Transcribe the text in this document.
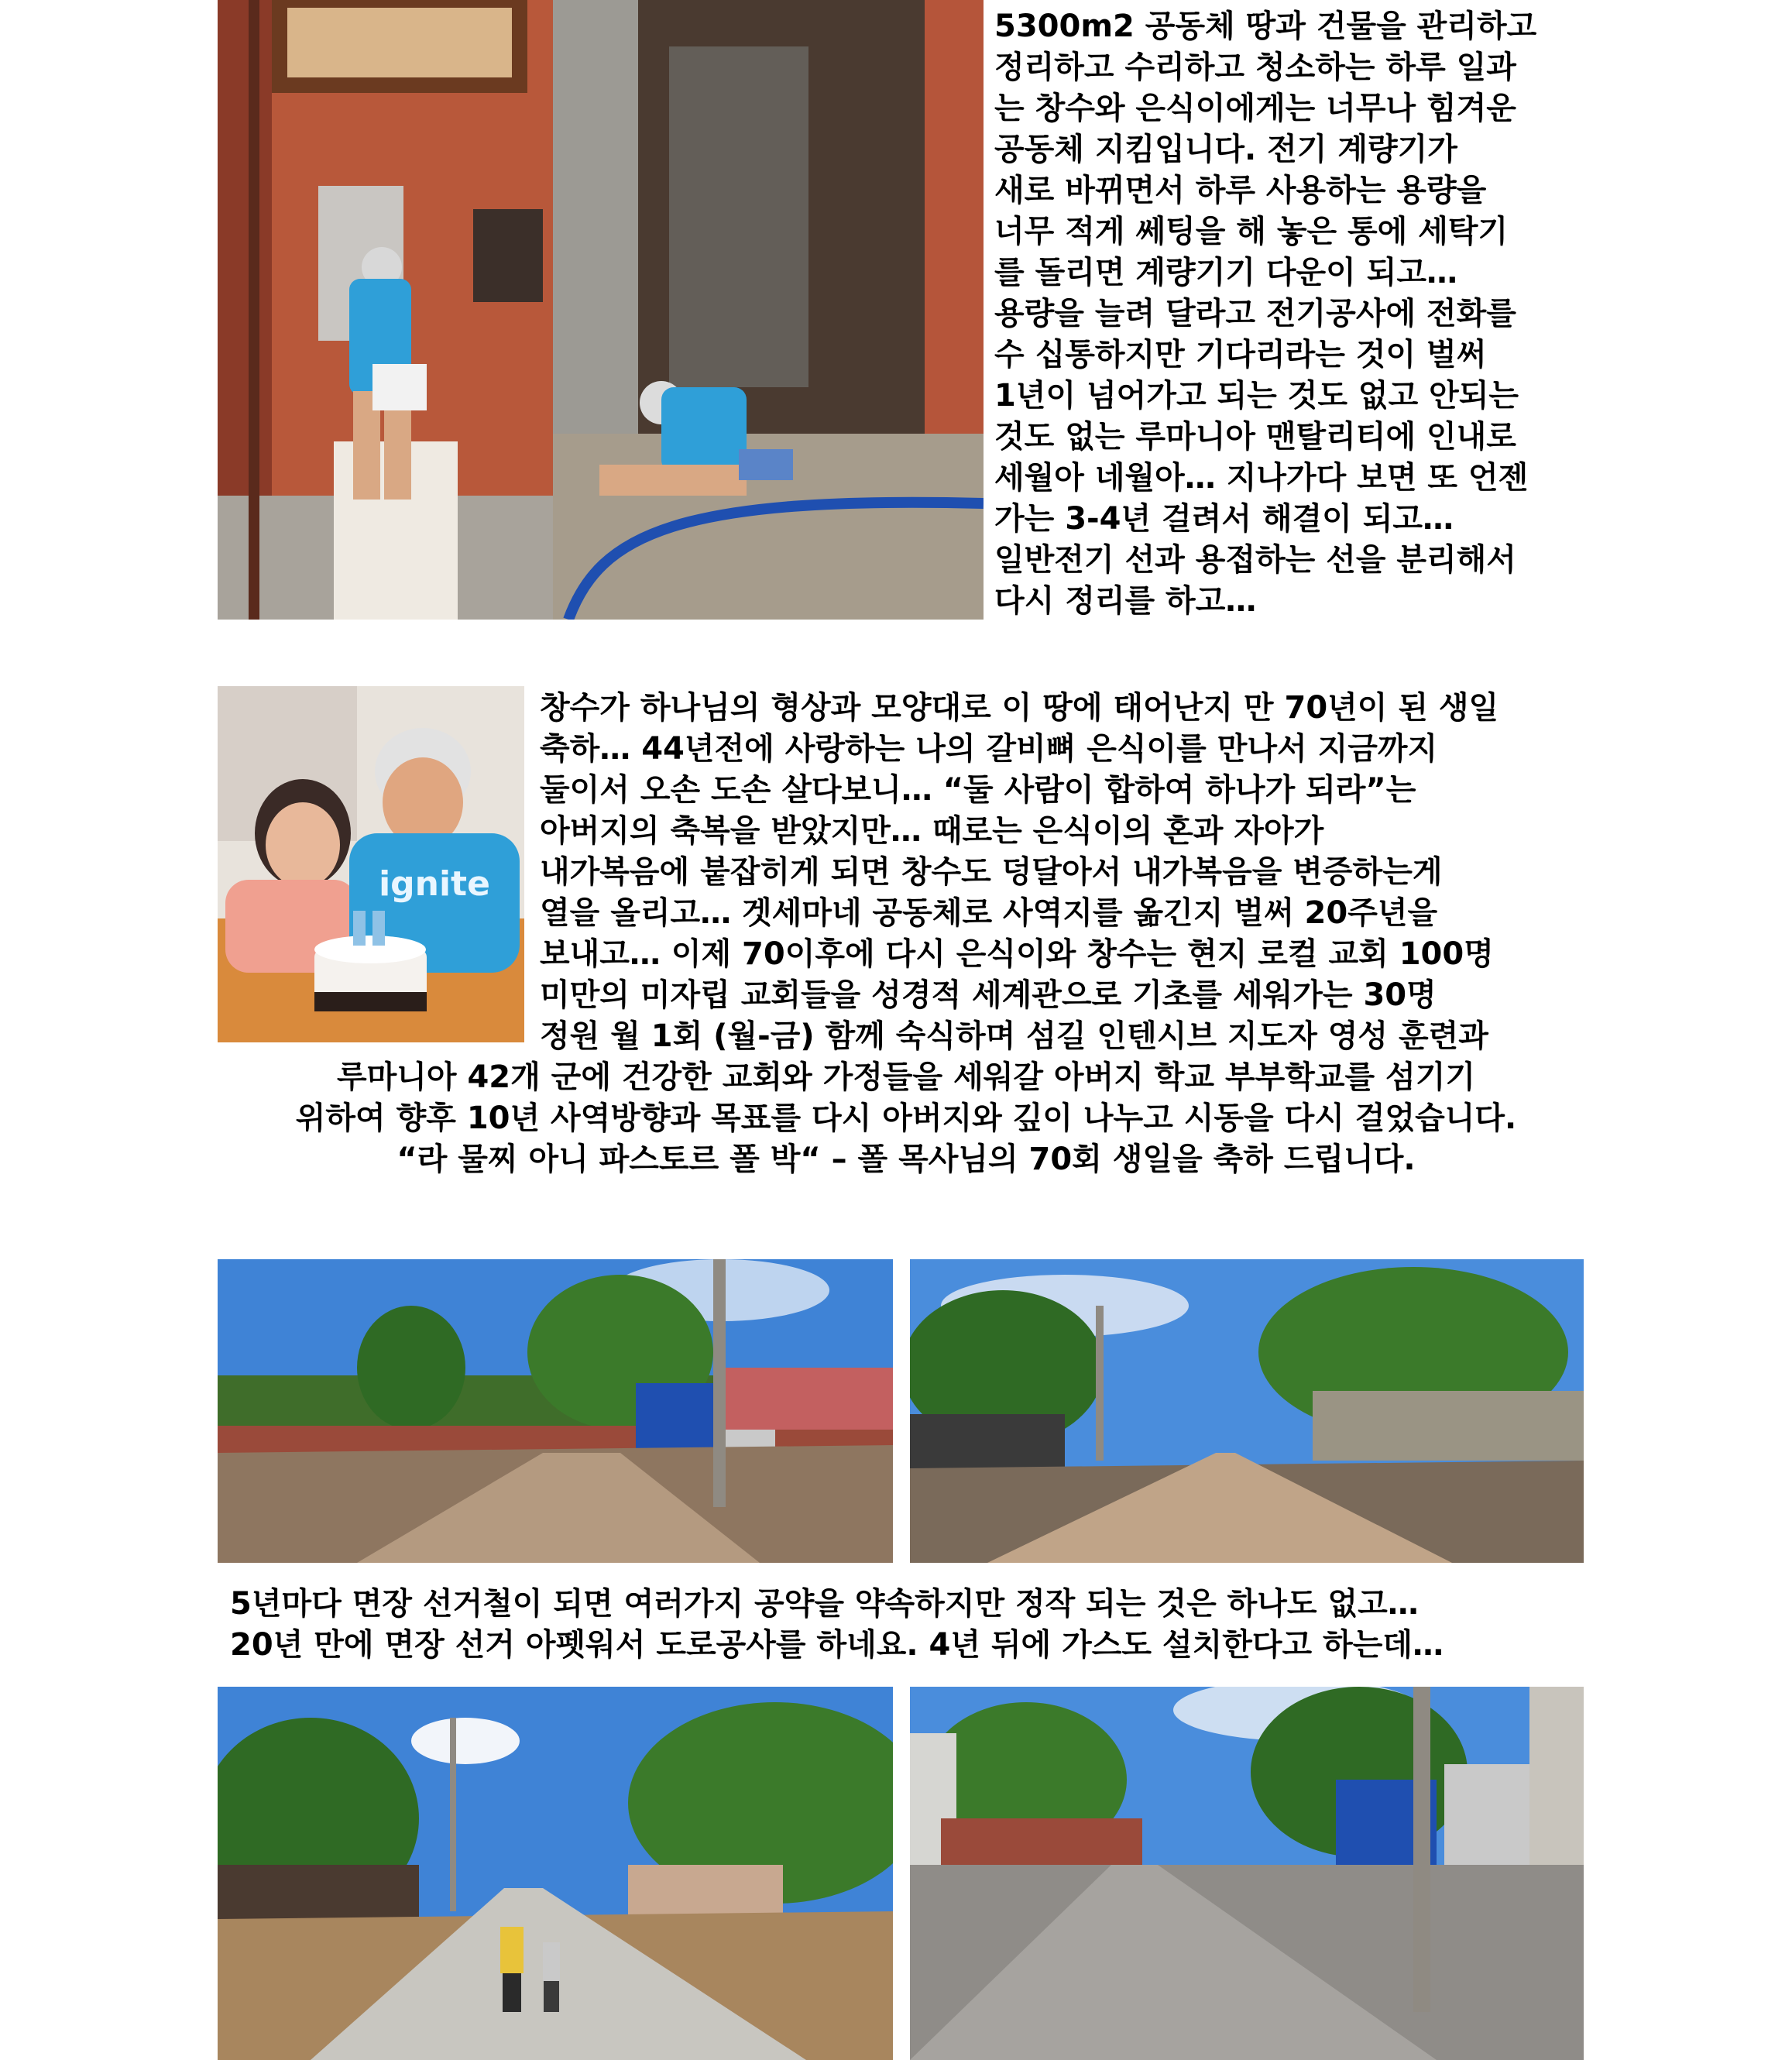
5300m2 공동체 땅과 건물을 관리하고
정리하고 수리하고 청소하는 하루 일과
는 창수와 은식이에게는 너무나 힘겨운
공동체 지킴입니다. 전기 계량기가
새로 바뀌면서 하루 사용하는 용량을
너무 적게 쎄팅을 해 놓은 통에 세탁기
를 돌리면 계량기기 다운이 되고…
용량을 늘려 달라고 전기공사에 전화를
수 십통하지만 기다리라는 것이 벌써
1년이 넘어가고 되는 것도 없고 안되는
것도 없는 루마니아 맨탈리티에 인내로
세월아 네월아… 지나가다 보면 또 언젠
가는 3-4년 걸려서 해결이 되고…
일반전기 선과 용접하는 선을 분리해서
다시 정리를 하고…
ignite
창수가 하나님의 형상과 모양대로 이 땅에 태어난지 만 70년이 된 생일
축하… 44년전에 사랑하는 나의 갈비뼈 은식이를 만나서 지금까지
둘이서 오손 도손 살다보니… “둘 사람이 합하여 하나가 되라”는
아버지의 축복을 받았지만… 때로는 은식이의 혼과 자아가
내가복음에 붙잡히게 되면 창수도 덩달아서 내가복음을 변증하는게
열을 올리고… 겟세마네 공동체로 사역지를 옮긴지 벌써 20주년을
보내고… 이제 70이후에 다시 은식이와 창수는 현지 로컬 교회 100명
미만의 미자립 교회들을 성경적 세계관으로 기초를 세워가는 30명
정원 월 1회 (월-금) 함께 숙식하며 섬길 인텐시브 지도자 영성 훈련과
루마니아 42개 군에 건강한 교회와 가정들을 세워갈 아버지 학교 부부학교를 섬기기
위하여 향후 10년 사역방향과 목표를 다시 아버지와 깊이 나누고 시동을 다시 걸었습니다.
“라 물찌 아니 파스토르 폴 박“ – 폴 목사님의 70회 생일을 축하 드립니다.
5년마다 면장 선거철이 되면 여러가지 공약을 약속하지만 정작 되는 것은 하나도 없고…
20년 만에 면장 선거 아펫워서 도로공사를 하네요. 4년 뒤에 가스도 설치한다고 하는데…
